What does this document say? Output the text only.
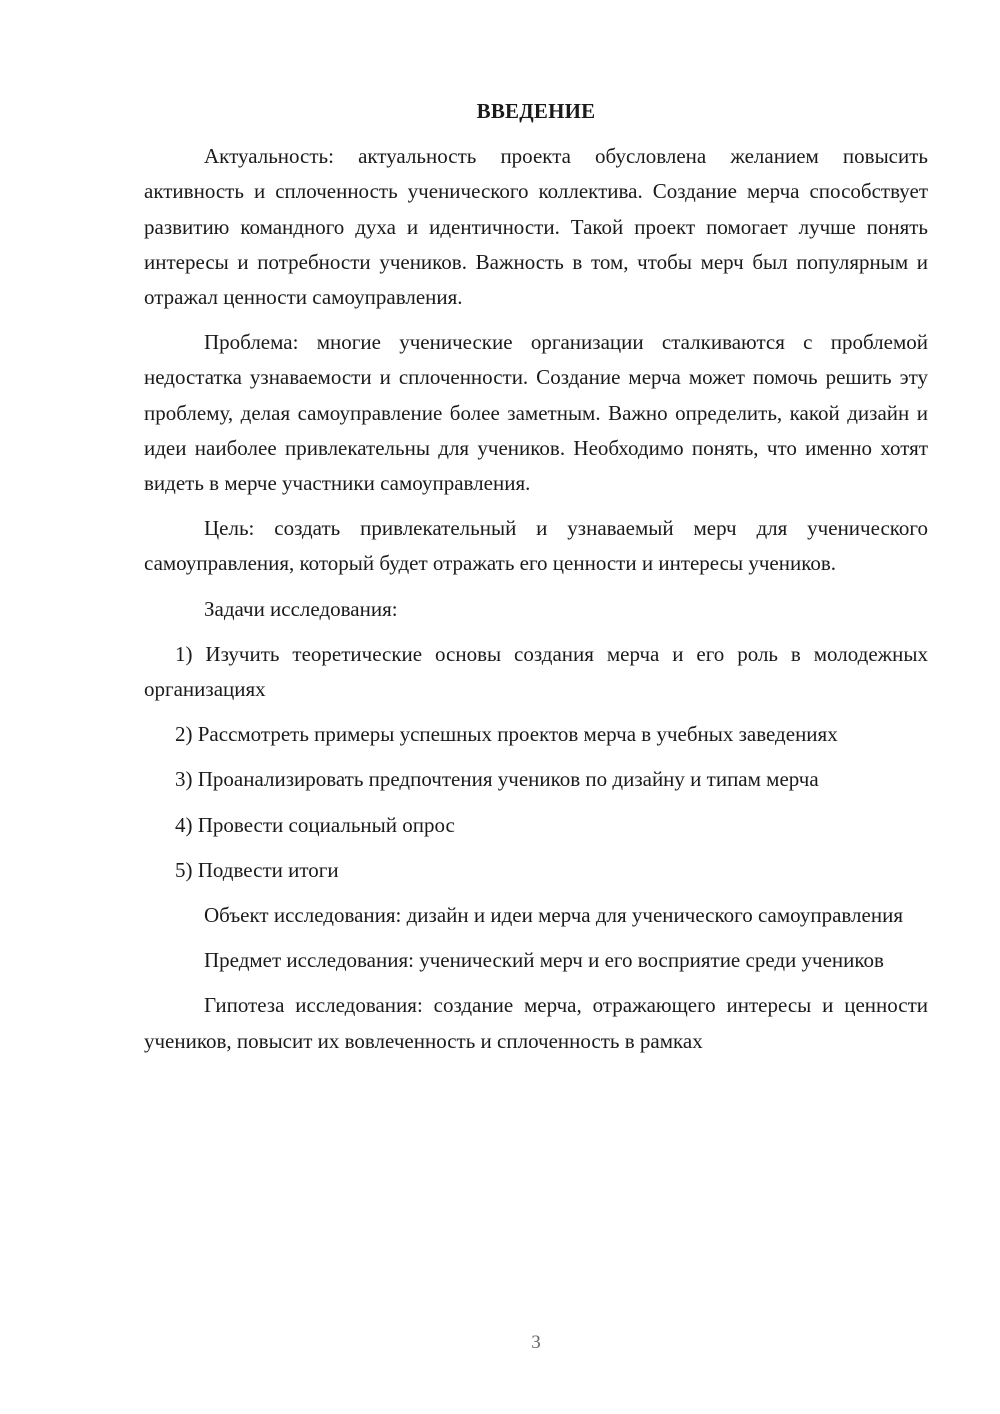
ВВЕДЕНИЕ

Актуальность: актуальность проекта обусловлена желанием повысить активность и сплоченность ученического коллектива. Создание мерча способствует развитию командного духа и идентичности. Такой проект помогает лучше понять интересы и потребности учеников. Важность в том, чтобы мерч был популярным и отражал ценности самоуправления.

Проблема: многие ученические организации сталкиваются с проблемой недостатка узнаваемости и сплоченности. Создание мерча может помочь решить эту проблему, делая самоуправление более заметным. Важно определить, какой дизайн и идеи наиболее привлекательны для учеников. Необходимо понять, что именно хотят видеть в мерче участники самоуправления.

Цель: создать привлекательный и узнаваемый мерч для ученического самоуправления, который будет отражать его ценности и интересы учеников.

Задачи исследования:

1) Изучить теоретические основы создания мерча и его роль в молодежных организациях

2) Рассмотреть примеры успешных проектов мерча в учебных заведениях

3) Проанализировать предпочтения учеников по дизайну и типам мерча

4) Провести социальный опрос

5) Подвести итоги

Объект исследования: дизайн и идеи мерча для ученического самоуправления

Предмет исследования: ученический мерч и его восприятие среди учеников

Гипотеза исследования: создание мерча, отражающего интересы и ценности учеников, повысит их вовлеченность и сплоченность в рамках

3
